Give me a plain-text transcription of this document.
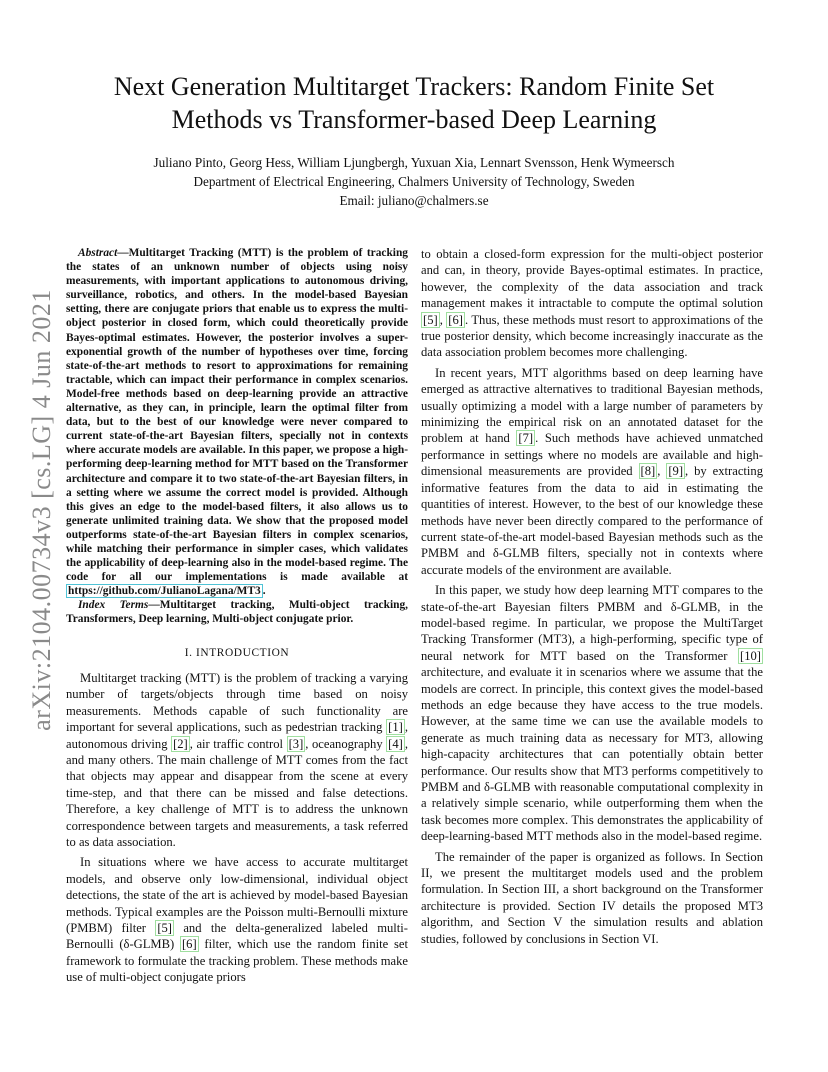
arXiv:2104.00734v3 [cs.LG] 4 Jun 2021
Next Generation Multitarget Trackers: Random Finite Set
Methods vs Transformer-based Deep Learning
Juliano Pinto, Georg Hess, William Ljungbergh, Yuxuan Xia, Lennart Svensson, Henk Wymeersch
Department of Electrical Engineering, Chalmers University of Technology, Sweden
Email: juliano@chalmers.se

Abstract—Multitarget Tracking (MTT) is the problem of tracking the states of an unknown number of objects using noisy measurements, with important applications to autonomous driving, surveillance, robotics, and others. In the model-based Bayesian setting, there are conjugate priors that enable us to express the multi-object posterior in closed form, which could theoretically provide Bayes-optimal estimates. However, the posterior involves a super-exponential growth of the number of hypotheses over time, forcing state-of-the-art methods to resort to approximations for remaining tractable, which can impact their performance in complex scenarios. Model-free methods based on deep-learning provide an attractive alternative, as they can, in principle, learn the optimal filter from data, but to the best of our knowledge were never compared to current state-of-the-art Bayesian filters, specially not in contexts where accurate models are available. In this paper, we propose a high-performing deep-learning method for MTT based on the Transformer architecture and compare it to two state-of-the-art Bayesian filters, in a setting where we assume the correct model is provided. Although this gives an edge to the model-based filters, it also allows us to generate unlimited training data. We show that the proposed model outperforms state-of-the-art Bayesian filters in complex scenarios, while matching their performance in simpler cases, which validates the applicability of deep-learning also in the model-based regime. The code for all our implementations is made available at https://github.com/JulianoLagana/MT3 .

Index Terms—Multitarget tracking, Multi-object tracking, Transformers, Deep learning, Multi-object conjugate prior.

I. INTRODUCTION

Multitarget tracking (MTT) is the problem of tracking a varying number of targets/objects through time based on noisy measurements. Methods capable of such functionality are important for several applications, such as pedestrian tracking [1] , autonomous driving [2] , air traffic control [3] , oceanography [4] , and many others. The main challenge of MTT comes from the fact that objects may appear and disappear from the scene at every time-step, and that there can be missed and false detections. Therefore, a key challenge of MTT is to address the unknown correspondence between targets and measurements, a task referred to as data association.

In situations where we have access to accurate multitarget models, and observe only low-dimensional, individual object detections, the state of the art is achieved by model-based Bayesian methods. Typical examples are the Poisson multi-Bernoulli mixture (PMBM) filter [5] and the delta-generalized labeled multi-Bernoulli (δ-GLMB) [6] filter, which use the random finite set framework to formulate the tracking problem. These methods make use of multi-object conjugate priors

to obtain a closed-form expression for the multi-object posterior and can, in theory, provide Bayes-optimal estimates. In practice, however, the complexity of the data association and track management makes it intractable to compute the optimal solution [5] , [6] . Thus, these methods must resort to approximations of the true posterior density, which become increasingly inaccurate as the data association problem becomes more challenging.

In recent years, MTT algorithms based on deep learning have emerged as attractive alternatives to traditional Bayesian methods, usually optimizing a model with a large number of parameters by minimizing the empirical risk on an annotated dataset for the problem at hand [7] . Such methods have achieved unmatched performance in settings where no models are available and high-dimensional measurements are provided [8] , [9] , by extracting informative features from the data to aid in estimating the quantities of interest. However, to the best of our knowledge these methods have never been directly compared to the performance of current state-of-the-art model-based Bayesian methods such as the PMBM and δ-GLMB filters, specially not in contexts where accurate models of the environment are available.

In this paper, we study how deep learning MTT compares to the state-of-the-art Bayesian filters PMBM and δ-GLMB, in the model-based regime. In particular, we propose the MultiTarget Tracking Transformer (MT3), a high-performing, specific type of neural network for MTT based on the Transformer [10] architecture, and evaluate it in scenarios where we assume that the models are correct. In principle, this context gives the model-based methods an edge because they have access to the true models. However, at the same time we can use the available models to generate as much training data as necessary for MT3, allowing high-capacity architectures that can potentially obtain better performance. Our results show that MT3 performs competitively to PMBM and δ-GLMB with reasonable computational complexity in a relatively simple scenario, while outperforming them when the task becomes more complex. This demonstrates the applicability of deep-learning-based MTT methods also in the model-based regime.

The remainder of the paper is organized as follows. In Section II, we present the multitarget models used and the problem formulation. In Section III, a short background on the Transformer architecture is provided. Section IV details the proposed MT3 algorithm, and Section V the simulation results and ablation studies, followed by conclusions in Section VI.
